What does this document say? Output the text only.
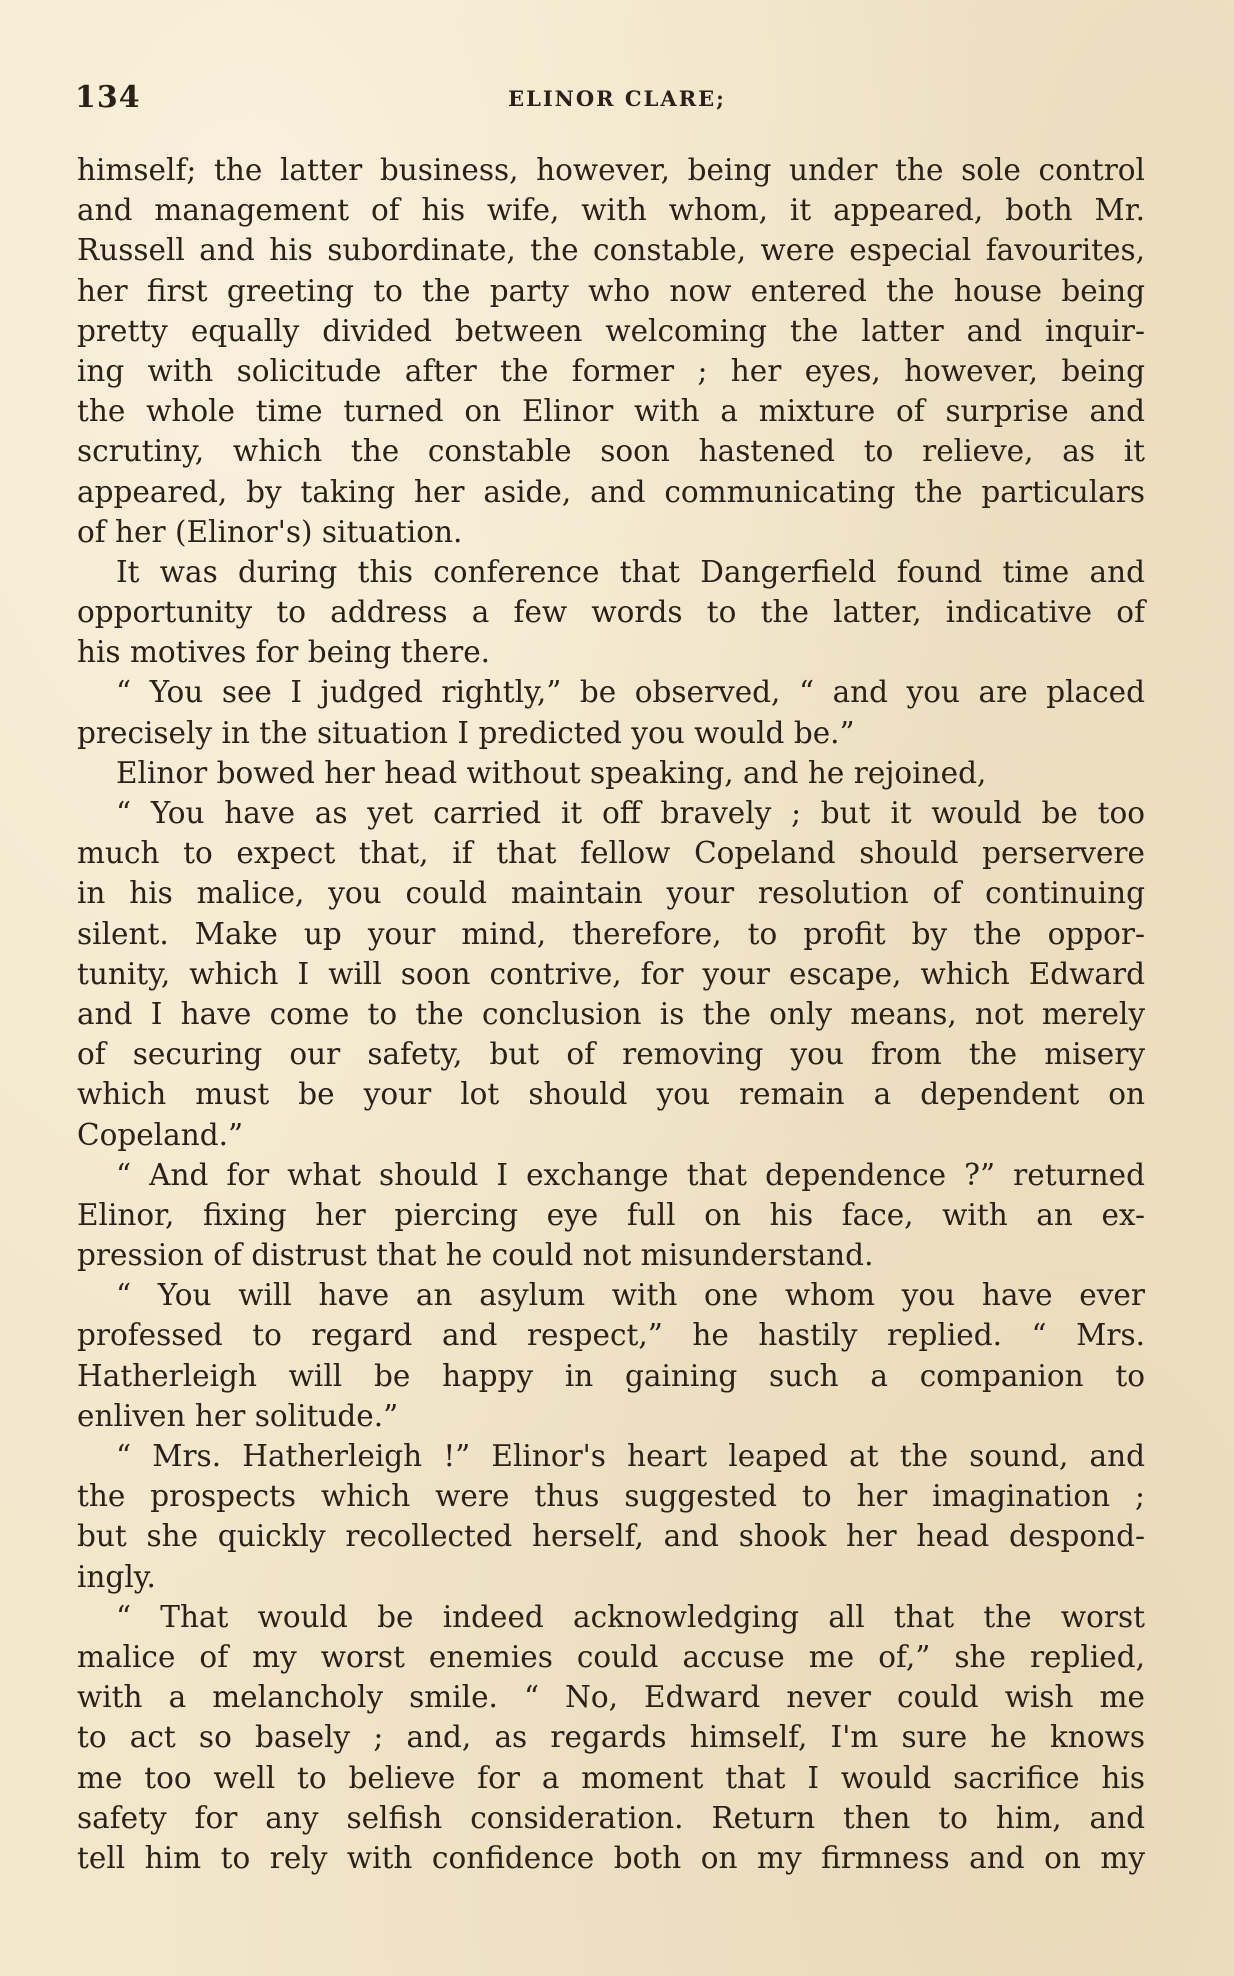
134	ELINOR CLARE;
himself; the latter business, however, being under the sole control
and management of his wife, with whom, it appeared, both Mr.
Russell and his subordinate, the constable, were especial favourites,
her first greeting to the party who now entered the house being
pretty equally divided between welcoming the latter and inquir-
ing with solicitude after the former ; her eyes, however, being
the whole time turned on Elinor with a mixture of surprise and
scrutiny, which the constable soon hastened to relieve, as it
appeared, by taking her aside, and communicating the particulars
of her (Elinor's) situation.
It was during this conference that Dangerfield found time and
opportunity to address a few words to the latter, indicative of
his motives for being there.
“ You see I judged rightly,” be observed, “ and you are placed
precisely in the situation I predicted you would be.”
Elinor bowed her head without speaking, and he rejoined,
“ You have as yet carried it off bravely ; but it would be too
much to expect that, if that fellow Copeland should perservere
in his malice, you could maintain your resolution of continuing
silent. Make up your mind, therefore, to profit by the oppor-
tunity, which I will soon contrive, for your escape, which Edward
and I have come to the conclusion is the only means, not merely
of securing our safety, but of removing you from the misery
which must be your lot should you remain a dependent on
Copeland.”
“ And for what should I exchange that dependence ?” returned
Elinor, fixing her piercing eye full on his face, with an ex-
pression of distrust that he could not misunderstand.
“ You will have an asylum with one whom you have ever
professed to regard and respect,” he hastily replied. “ Mrs.
Hatherleigh will be happy in gaining such a companion to
enliven her solitude.”
“ Mrs. Hatherleigh !” Elinor's heart leaped at the sound, and
the prospects which were thus suggested to her imagination ;
but she quickly recollected herself, and shook her head despond-
ingly.
“ That would be indeed acknowledging all that the worst
malice of my worst enemies could accuse me of,” she replied,
with a melancholy smile. “ No, Edward never could wish me
to act so basely ; and, as regards himself, I'm sure he knows
me too well to believe for a moment that I would sacrifice his
safety for any selfish consideration. Return then to him, and
tell him to rely with confidence both on my firmness and on my
